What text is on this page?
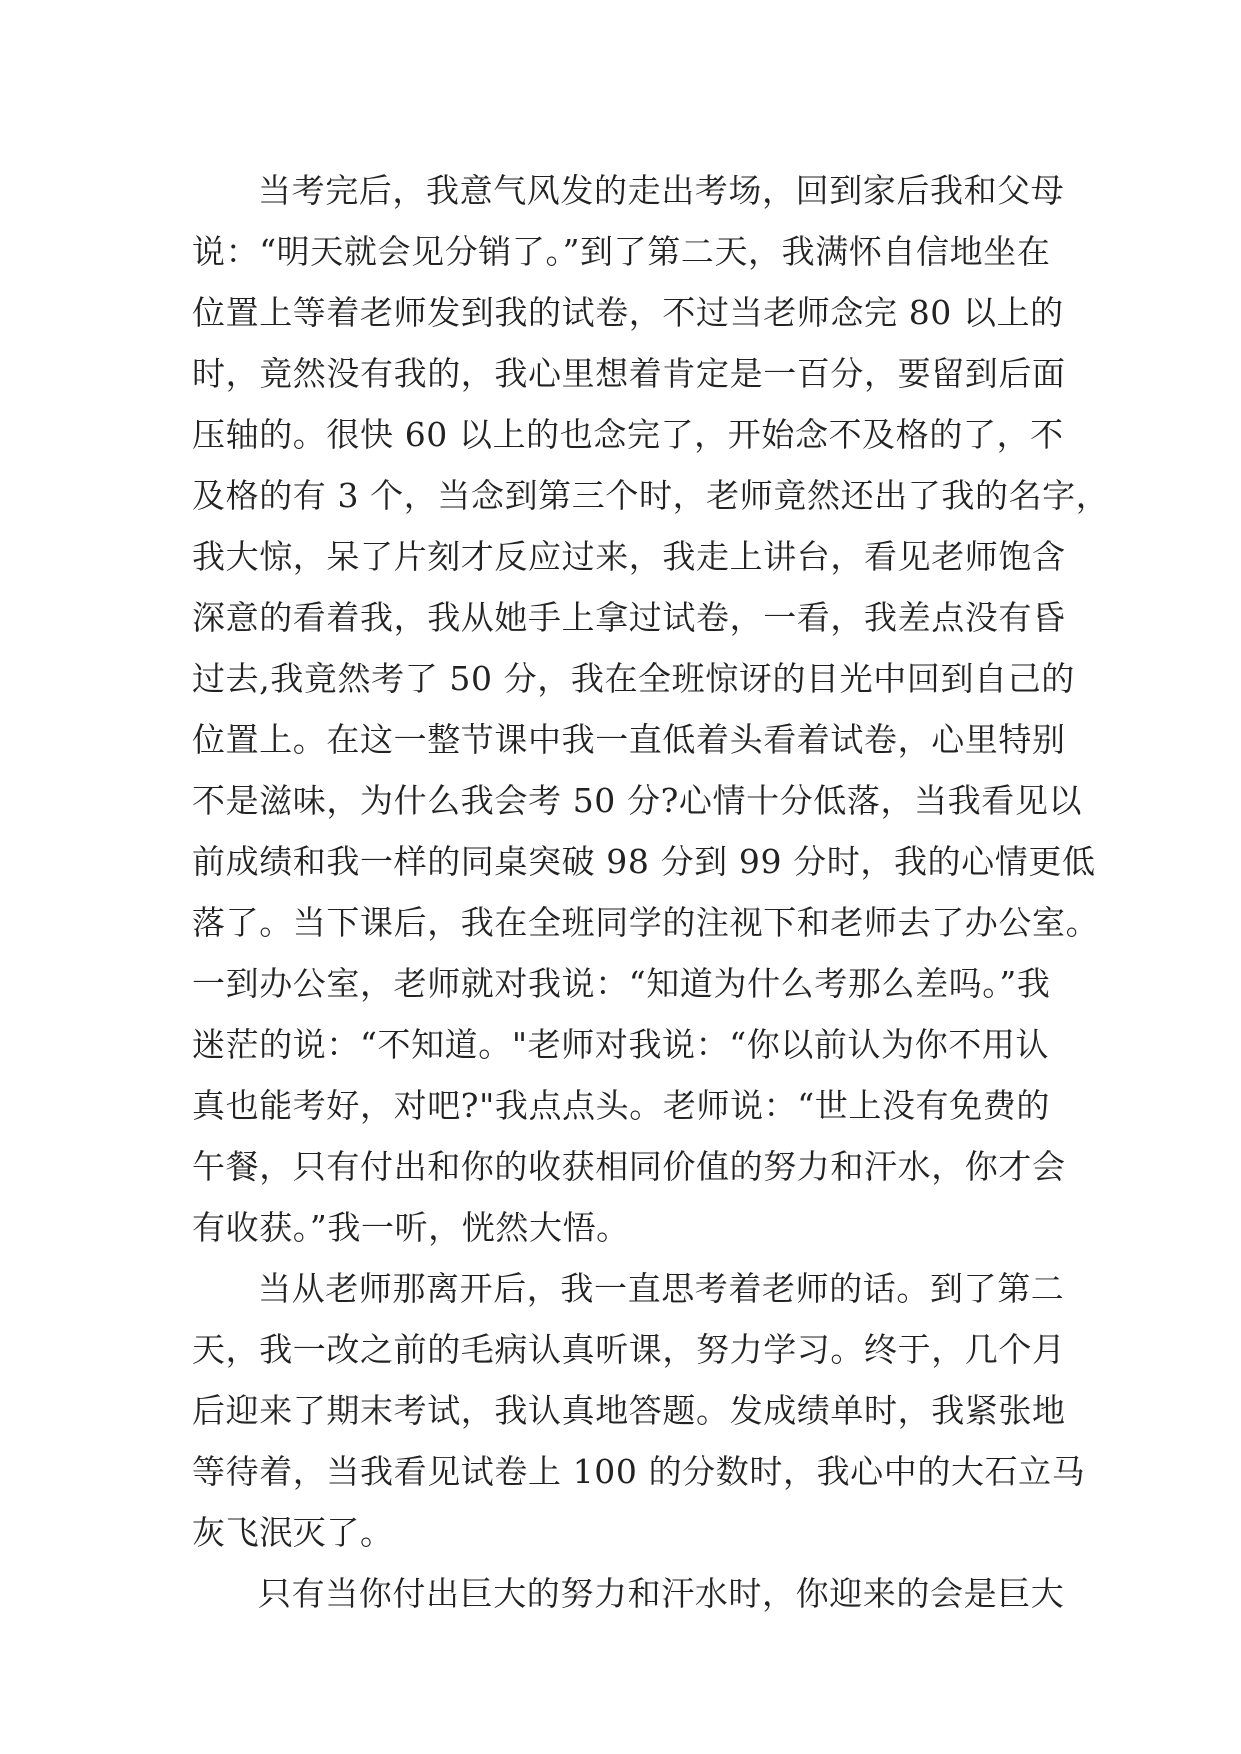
当考完后，我意气风发的走出考场，回到家后我和父母
说：“明天就会见分销了。”到了第二天，我满怀自信地坐在
位置上等着老师发到我的试卷，不过当老师念完 80 以上的
时，竟然没有我的，我心里想着肯定是一百分，要留到后面
压轴的。很快 60 以上的也念完了，开始念不及格的了，不
及格的有 3 个，当念到第三个时，老师竟然还出了我的名字，
我大惊，呆了片刻才反应过来，我走上讲台，看见老师饱含
深意的看着我，我从她手上拿过试卷，一看，我差点没有昏
过去,我竟然考了 50 分，我在全班惊讶的目光中回到自己的
位置上。在这一整节课中我一直低着头看着试卷，心里特别
不是滋味，为什么我会考 50 分?心情十分低落，当我看见以
前成绩和我一样的同桌突破 98 分到 99 分时，我的心情更低
落了。当下课后，我在全班同学的注视下和老师去了办公室。
一到办公室，老师就对我说：“知道为什么考那么差吗。”我
迷茫的说：“不知道。"老师对我说：“你以前认为你不用认
真也能考好，对吧?"我点点头。老师说：“世上没有免费的
午餐，只有付出和你的收获相同价值的努力和汗水，你才会
有收获。”我一听，恍然大悟。
当从老师那离开后，我一直思考着老师的话。到了第二
天，我一改之前的毛病认真听课，努力学习。终于，几个月
后迎来了期末考试，我认真地答题。发成绩单时，我紧张地
等待着，当我看见试卷上 100 的分数时，我心中的大石立马
灰飞泯灭了。
只有当你付出巨大的努力和汗水时，你迎来的会是巨大
